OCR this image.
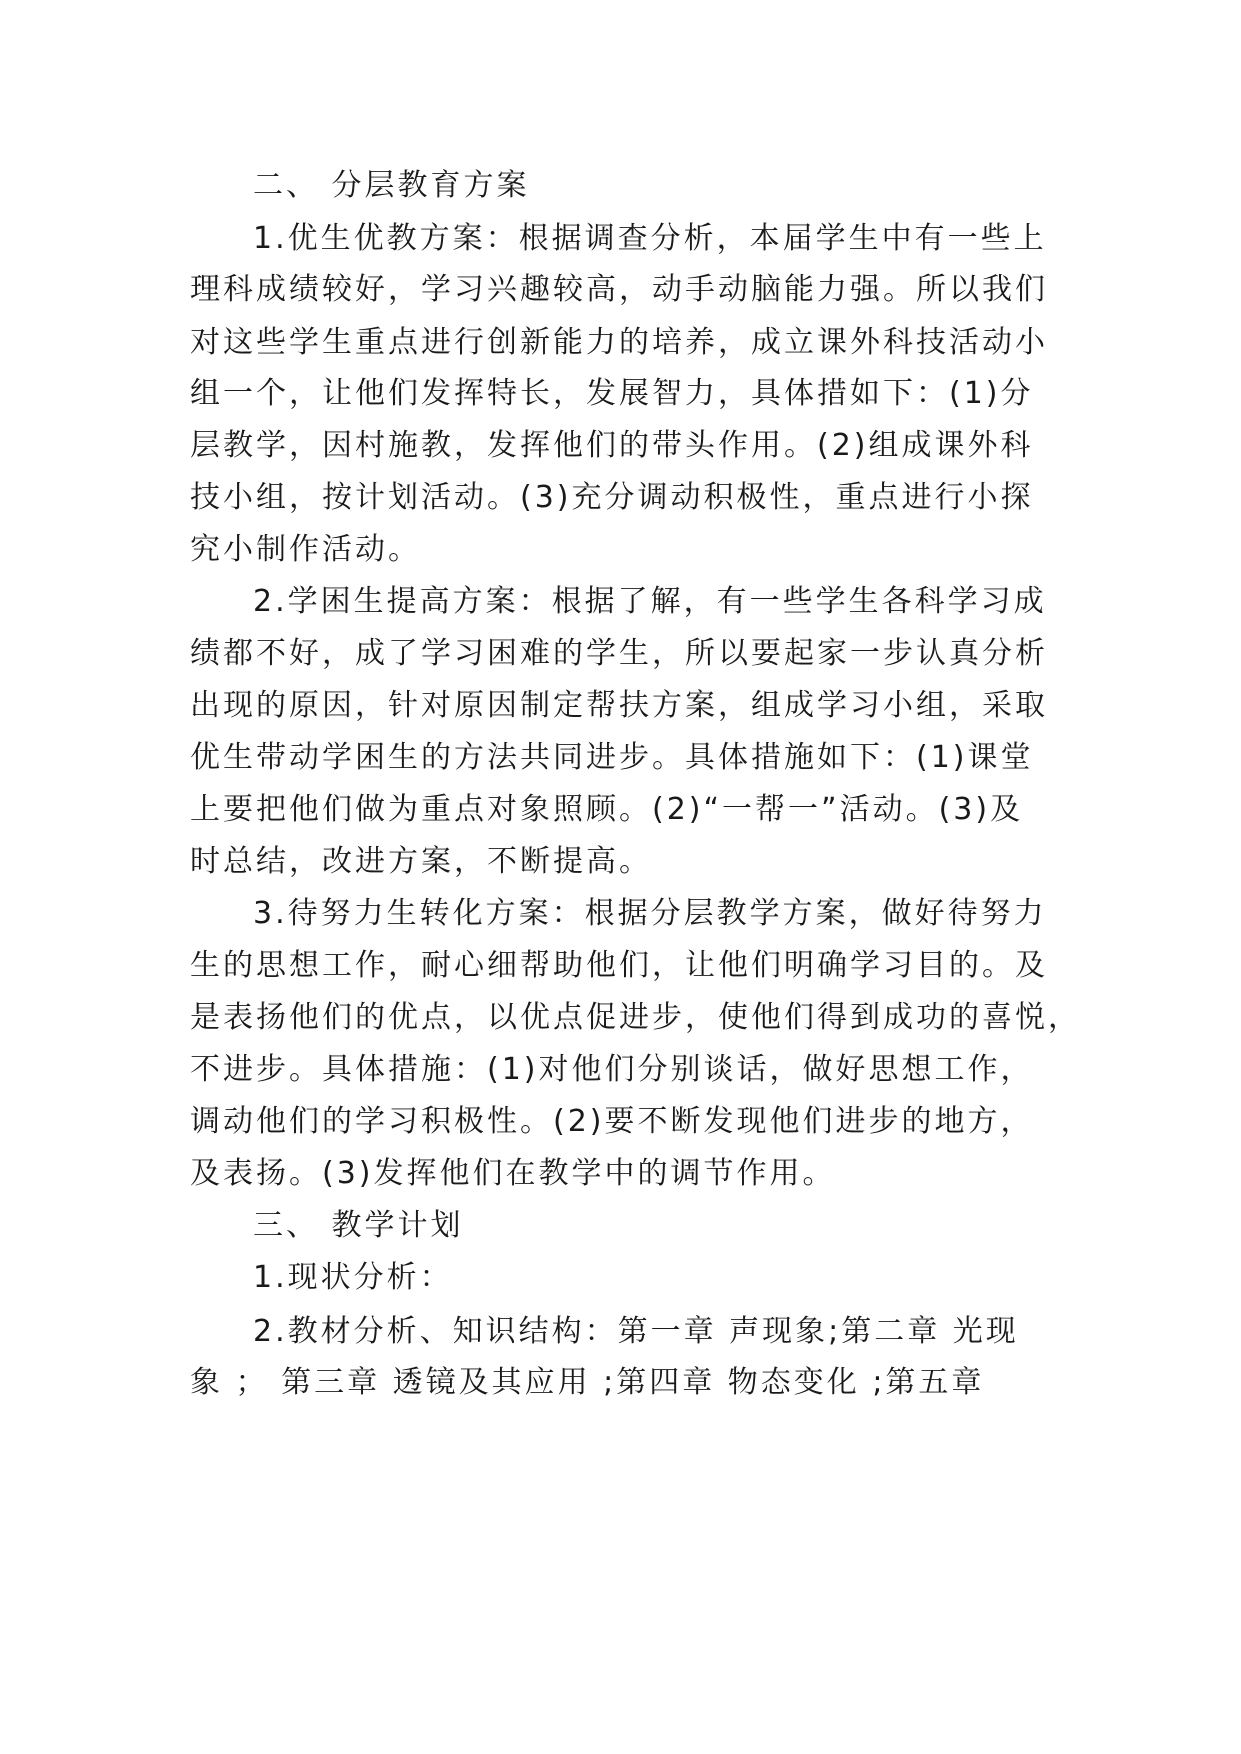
二、 分层教育方案
1.优生优教方案：根据调查分析，本届学生中有一些上
理科成绩较好，学习兴趣较高，动手动脑能力强。所以我们
对这些学生重点进行创新能力的培养，成立课外科技活动小
组一个，让他们发挥特长，发展智力，具体措如下：(1)分
层教学，因村施教，发挥他们的带头作用。(2)组成课外科
技小组，按计划活动。(3)充分调动积极性，重点进行小探
究小制作活动。
2.学困生提高方案：根据了解，有一些学生各科学习成
绩都不好，成了学习困难的学生，所以要起家一步认真分析
出现的原因，针对原因制定帮扶方案，组成学习小组，采取
优生带动学困生的方法共同进步。具体措施如下：(1)课堂
上要把他们做为重点对象照顾。(2)“一帮一”活动。(3)及
时总结，改进方案，不断提高。
3.待努力生转化方案：根据分层教学方案，做好待努力
生的思想工作，耐心细帮助他们，让他们明确学习目的。及
是表扬他们的优点，以优点促进步，使他们得到成功的喜悦，
不进步。具体措施：(1)对他们分别谈话，做好思想工作，
调动他们的学习积极性。(2)要不断发现他们进步的地方，
及表扬。(3)发挥他们在教学中的调节作用。
三、 教学计划
1.现状分析：
2.教材分析、知识结构：第一章 声现象;第二章 光现
象 ； 第三章 透镜及其应用 ;第四章 物态变化 ;第五章
